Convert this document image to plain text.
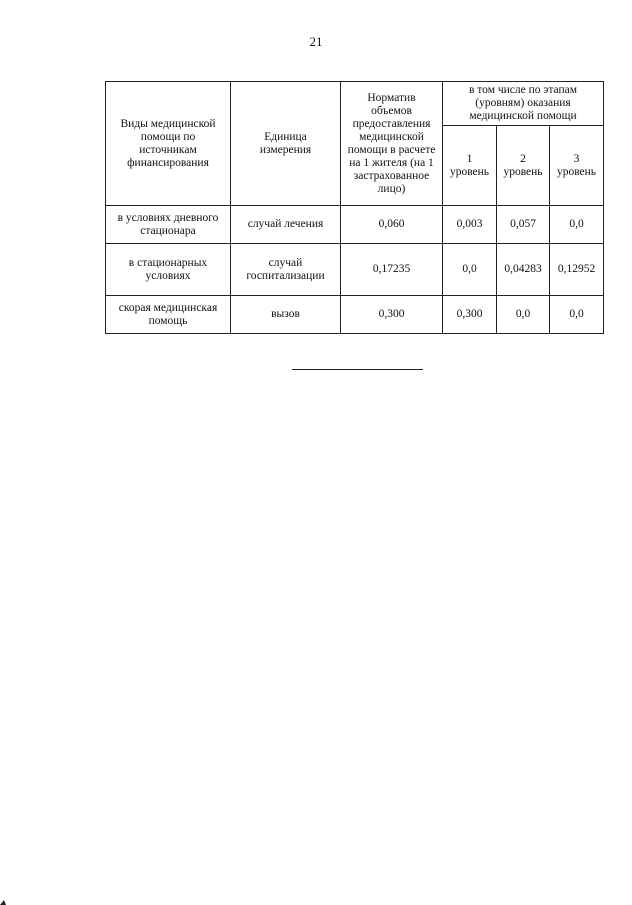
21
Виды медицинской помощи по источникам финансирования	Единица измерения	Норматив объемов предоставления медицинской помощи в расчете на 1 жителя (на 1 застрахованное лицо)	в том числе по этапам (уровням) оказания медицинской помощи		
			1 уровень	2 уровень	3 уровень
в условиях дневного стационара	случай лечения	0,060	0,003	0,057	0,0
в стационарных условиях	случай госпитализации	0,17235	0,0	0,04283	0,12952
скорая медицинская помощь	вызов	0,300	0,300	0,0	0,0
